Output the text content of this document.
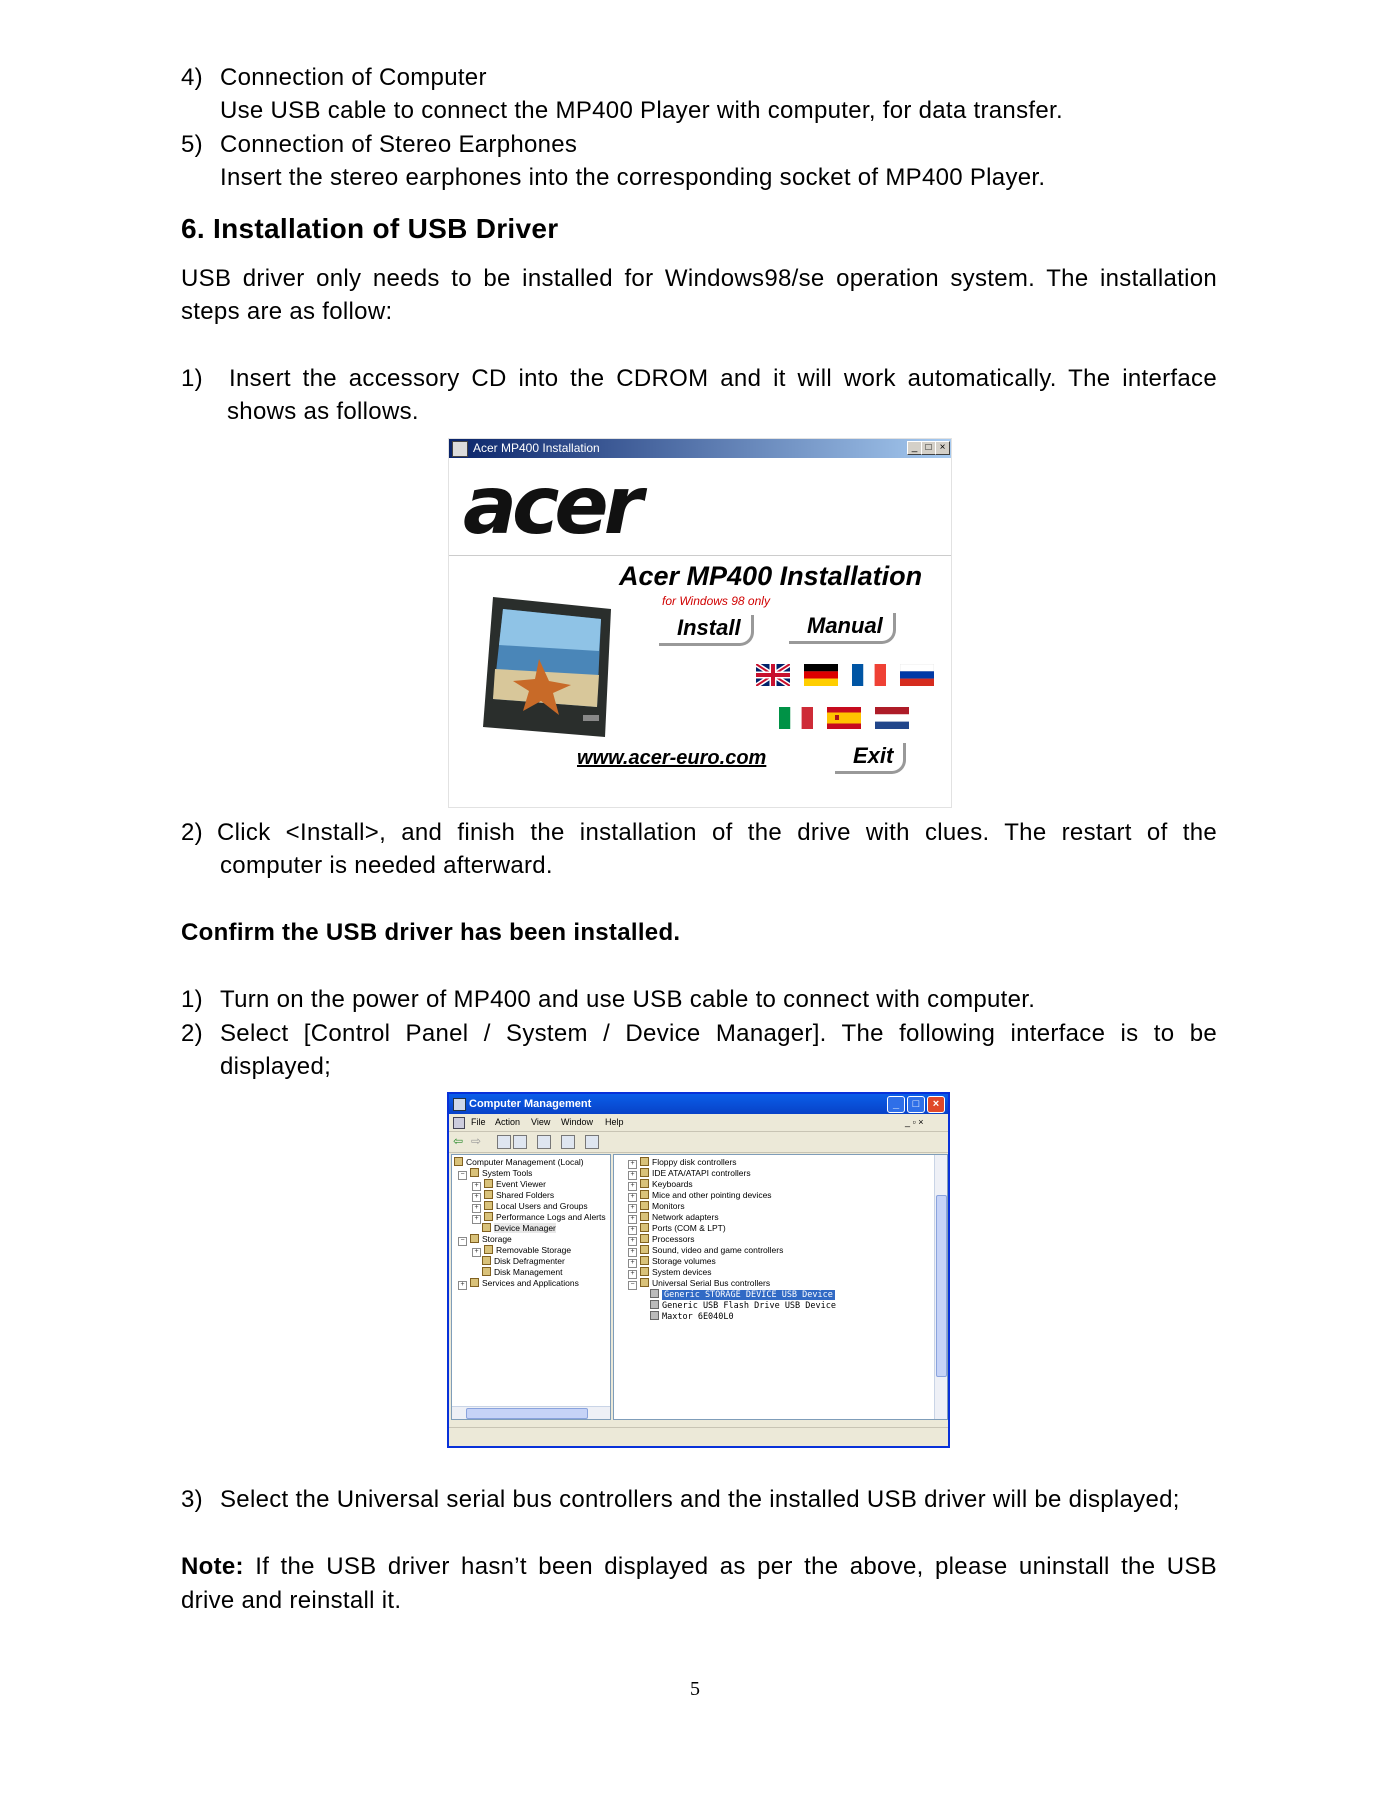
4) Connection of Computer
Use USB cable to connect the MP400 Player with computer, for data transfer.
5) Connection of Stereo Earphones
Insert the stereo earphones into the corresponding socket of MP400 Player.
6. Installation of USB Driver
USB driver only needs to be installed for Windows98/se operation system. The installation
steps are as follow:
1) Insert the accessory CD into the CDROM and it will work automatically. The interface
shows as follows.
Acer MP400 Installation	_ □ ×
acer
Acer MP400 Installation
for Windows 98 only
Install	Manual
www.acer-euro.com	Exit
2) Click <Install>, and finish the installation of the drive with clues. The restart of the
computer is needed afterward.
Confirm the USB driver has been installed.
1) Turn on the power of MP400 and use USB cable to connect with computer.
2) Select [Control Panel / System / Device Manager]. The following interface is to be
displayed;
Computer Management	_	□	×
File Action View Window Help	_ ▫ ×
⇦ ⇨
Computer Management (Local)
− System Tools
+ Event Viewer
+ Shared Folders
+ Local Users and Groups
+ Performance Logs and Alerts
Device Manager
− Storage
+ Removable Storage
Disk Defragmenter
Disk Management
+ Services and Applications
+ Floppy disk controllers
+ IDE ATA/ATAPI controllers
+ Keyboards
+ Mice and other pointing devices
+ Monitors
+ Network adapters
+ Ports (COM & LPT)
+ Processors
+ Sound, video and game controllers
+ Storage volumes
+ System devices
− Universal Serial Bus controllers
Generic STORAGE DEVICE USB Device
Generic USB Flash Drive USB Device
Maxtor 6E040L0
3) Select the Universal serial bus controllers and the installed USB driver will be displayed;
Note: If the USB driver hasn’t been displayed as per the above, please uninstall the USB
drive and reinstall it.
5
